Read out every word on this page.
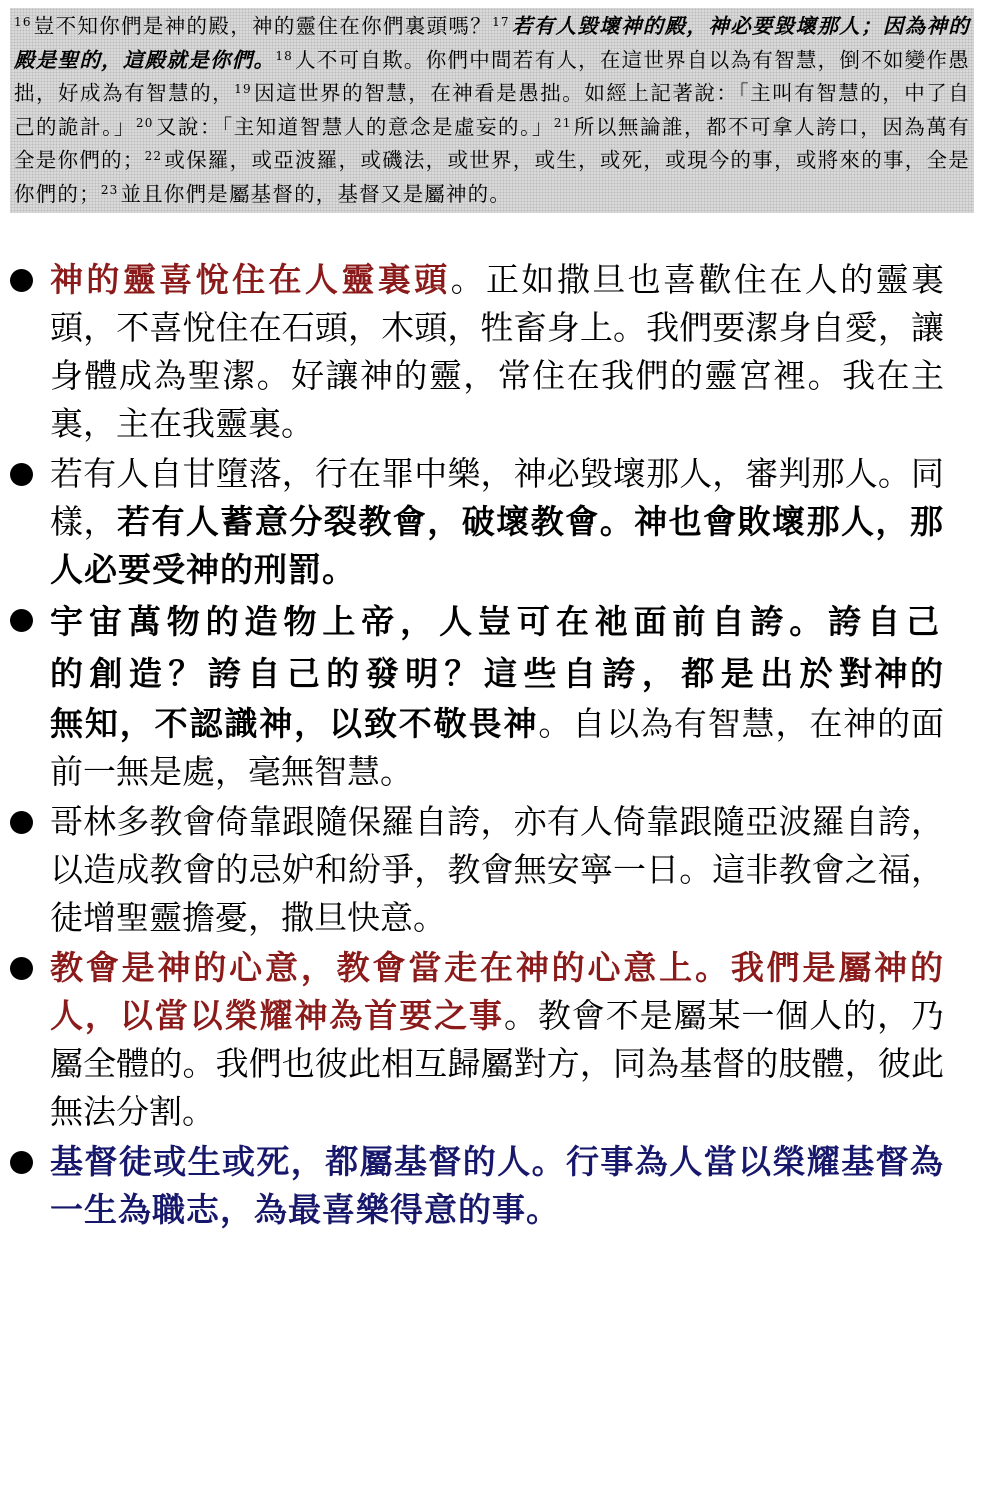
$^{16}$豈不知你們是神的殿，神的靈住在你們裏頭嗎？$^{17}$若有人毀壞神的殿，神必要毀壞那人；因為神的殿是聖的，這殿就是你們。$^{18}$人不可自欺。你們中間若有人，在這世界自以為有智慧，倒不如變作愚拙，好成為有智慧的，$^{19}$因這世界的智慧，在神看是愚拙。如經上記著說：「主叫有智慧的，中了自己的詭計。」$^{20}$又說：「主知道智慧人的意念是虛妄的。」$^{21}$所以無論誰，都不可拿人誇口，因為萬有全是你們的；$^{22}$或保羅，或亞波羅，或磯法，或世界，或生，或死，或現今的事，或將來的事，全是你們的；$^{23}$並且你們是屬基督的，基督又是屬神的。
神的靈喜悅住在人靈裏頭。正如撒旦也喜歡住在人的靈裏頭，不喜悅住在石頭，木頭，牲畜身上。我們要潔身自愛，讓身體成為聖潔。好讓神的靈，常住在我們的靈宮裡。我在主裏，主在我靈裏。
若有人自甘墮落，行在罪中樂，神必毀壞那人，審判那人。同樣，若有人蓄意分裂教會，破壞教會。神也會敗壞那人，那人必要受神的刑罰。
宇宙萬物的造物上帝，人豈可在祂面前自誇。誇自己的創造？誇自己的發明？這些自誇，都是出於對神的無知，不認識神，以致不敬畏神。自以為有智慧，在神的面前一無是處，毫無智慧。
哥林多教會倚靠跟隨保羅自誇，亦有人倚靠跟隨亞波羅自誇，以造成教會的忌妒和紛爭，教會無安寧一日。這非教會之福，徒增聖靈擔憂，撒旦快意。
教會是神的心意，教會當走在神的心意上。我們是屬神的人，以當以榮耀神為首要之事。教會不是屬某一個人的，乃屬全體的。我們也彼此相互歸屬對方，同為基督的肢體，彼此無法分割。
基督徒或生或死，都屬基督的人。行事為人當以榮耀基督為一生為職志，為最喜樂得意的事。
